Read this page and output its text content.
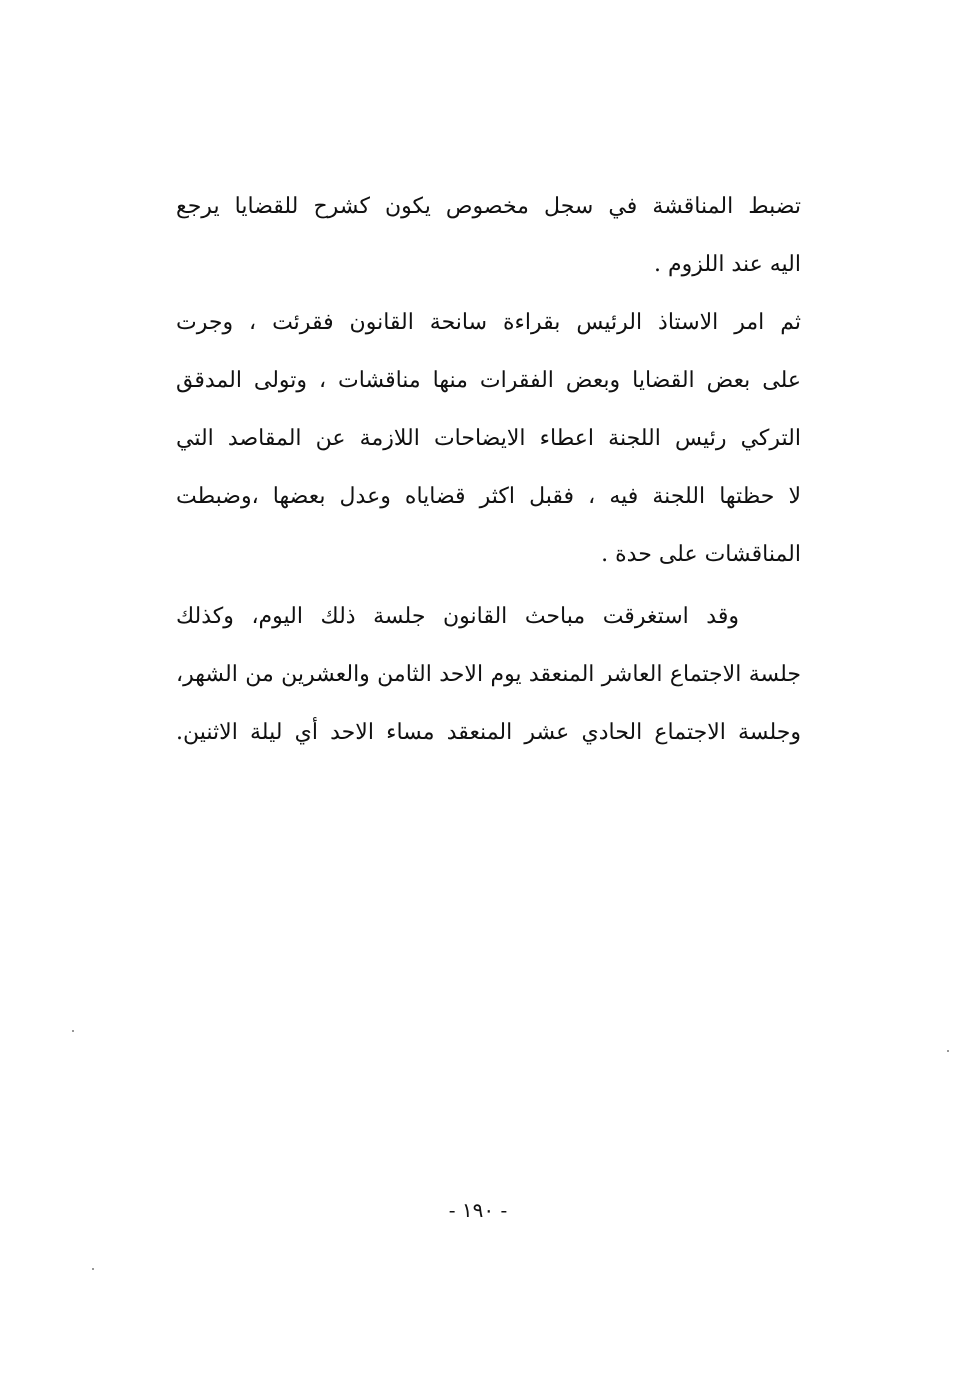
تضبط المناقشة في سجل مخصوص يكون كشرح للقضايا يرجع
اليه عند اللزوم .
ثم امر الاستاذ الرئيس بقراءة سانحة القانون فقرئت ، وجرت
على بعض القضايا وبعض الفقرات منها مناقشات ، وتولى المدقق
التركي رئيس اللجنة اعطاء الايضاحات اللازمة عن المقاصد التي
لا حظتها اللجنة فيه ، فقبل اكثر قضاياه وعدل بعضها ،وضبطت
المناقشات على حدة .
وقد استغرقت مباحث القانون جلسة ذلك اليوم، وكذلك
جلسة الاجتماع العاشر المنعقد يوم الاحد الثامن والعشرين من الشهر،
وجلسة الاجتماع الحادي عشر المنعقد مساء الاحد أي ليلة الاثنين.
- ١٩٠ -
